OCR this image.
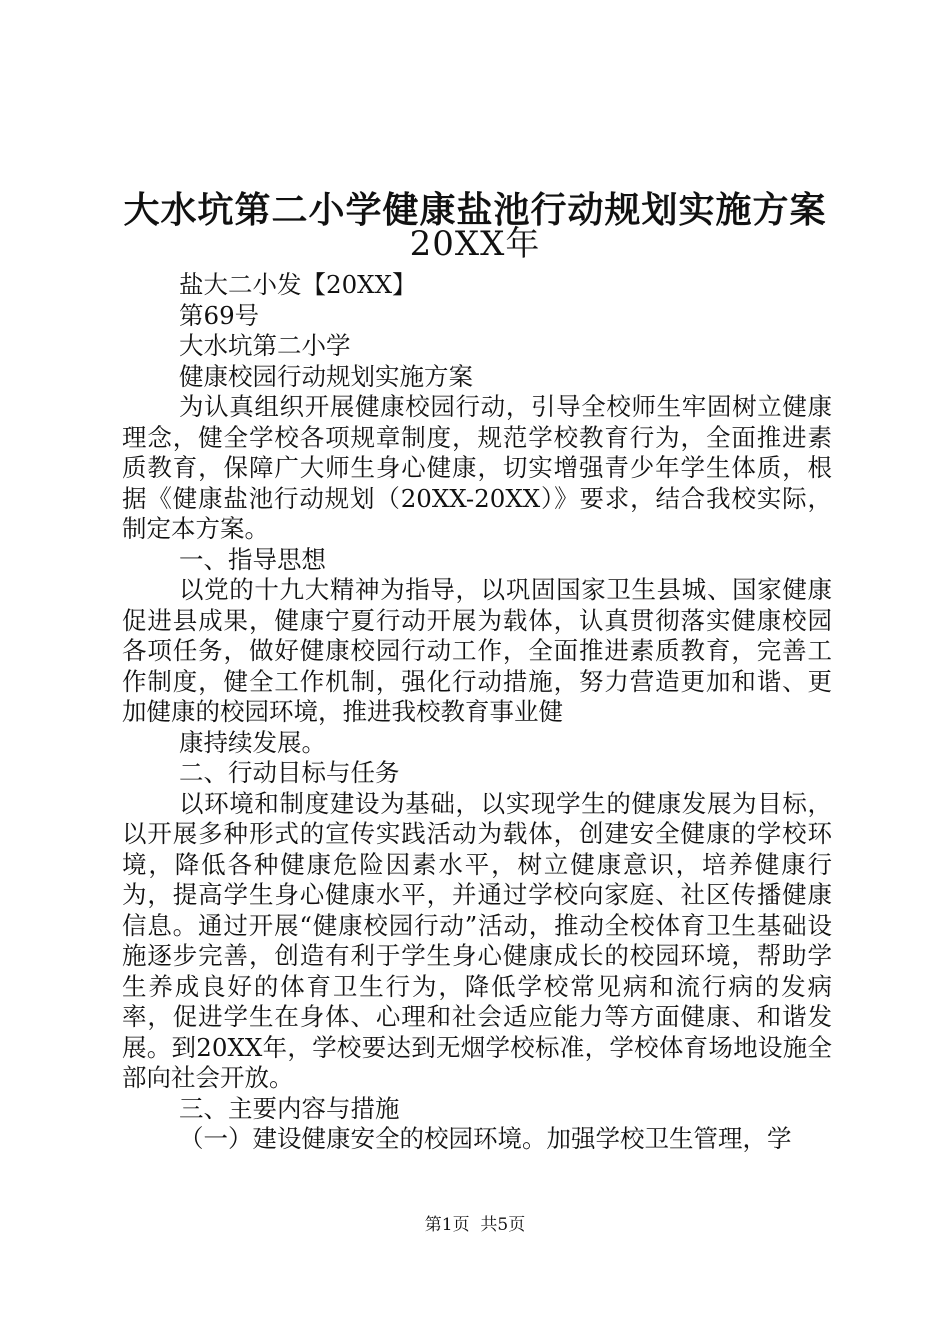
大水坑第二小学健康盐池行动规划实施方案
20XX年

盐大二小发【20XX】

第69号

大水坑第二小学

健康校园行动规划实施方案

为认真组织开展健康校园行动，引导全校师生牢固树立健康理念，健全学校各项规章制度，规范学校教育行为，全面推进素质教育，保障广大师生身心健康，切实增强青少年学生体质，根据《健康盐池行动规划（20XX-20XX）》要求，结合我校实际，制定本方案。

一、指导思想

以党的十九大精神为指导，以巩固国家卫生县城、国家健康促进县成果，健康宁夏行动开展为载体，认真贯彻落实健康校园各项任务，做好健康校园行动工作，全面推进素质教育，完善工作制度，健全工作机制，强化行动措施，努力营造更加和谐、更加健康的校园环境，推进我校教育事业健

康持续发展。

二、行动目标与任务

以环境和制度建设为基础，以实现学生的健康发展为目标，以开展多种形式的宣传实践活动为载体，创建安全健康的学校环境，降低各种健康危险因素水平，树立健康意识，培养健康行为，提高学生身心健康水平，并通过学校向家庭、社区传播健康信息。通过开展“健康校园行动”活动，推动全校体育卫生基础设施逐步完善，创造有利于学生身心健康成长的校园环境，帮助学生养成良好的体育卫生行为，降低学校常见病和流行病的发病率，促进学生在身体、心理和社会适应能力等方面健康、和谐发展。到20XX年，学校要达到无烟学校标准，学校体育场地设施全部向社会开放。

三、主要内容与措施

（一）建设健康安全的校园环境。加强学校卫生管理，学

第1页  共5页
